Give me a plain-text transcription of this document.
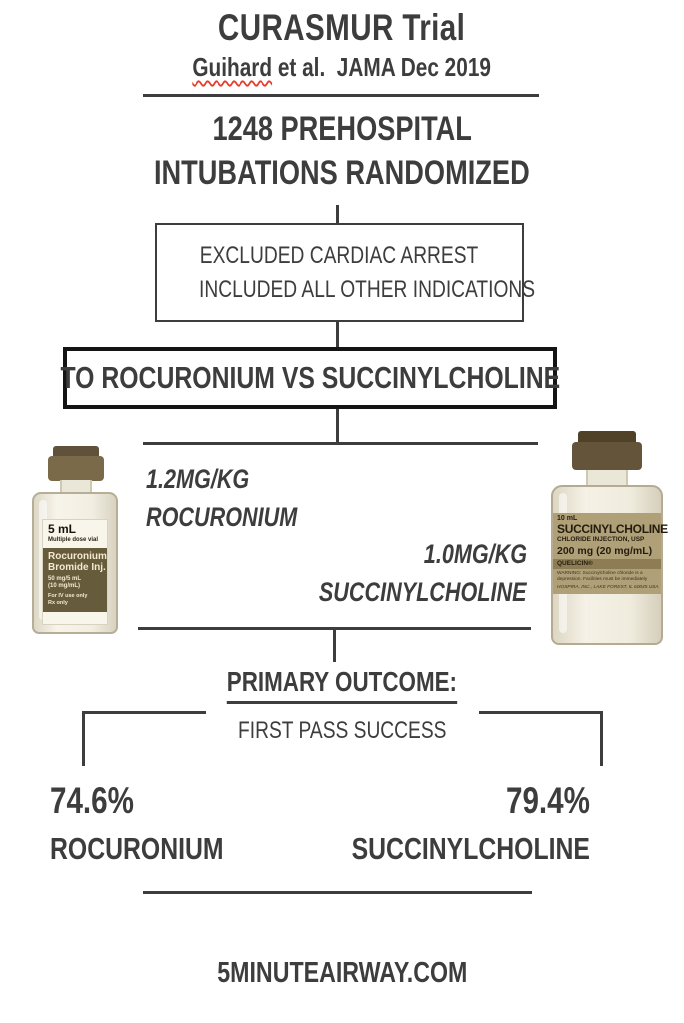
CURASMUR Trial
Guihard et al.  JAMA Dec 2019
1248 PREHOSPITAL
INTUBATIONS RANDOMIZED
EXCLUDED CARDIAC ARREST
INCLUDED ALL OTHER INDICATIONS
TO ROCURONIUM VS SUCCINYLCHOLINE
1.2MG/KG
ROCURONIUM
1.0MG/KG
SUCCINYLCHOLINE
5 mL
Multiple dose vial
Rocuronium
Bromide Inj.
50 mg/5 mL
(10 mg/mL)
For IV use only
Rx only
10 mL
SUCCINYLCHOLINE
CHLORIDE INJECTION, USP
200 mg (20 mg/mL)
QUELICIN®
WARNING: Succinylcholine chloride is a
depression. Facilities must be immediately
HOSPIRA, INC., LAKE FOREST, IL 60045 USA
PRIMARY OUTCOME:
FIRST PASS SUCCESS
74.6%
ROCURONIUM
79.4%
SUCCINYLCHOLINE
5MINUTEAIRWAY.COM
